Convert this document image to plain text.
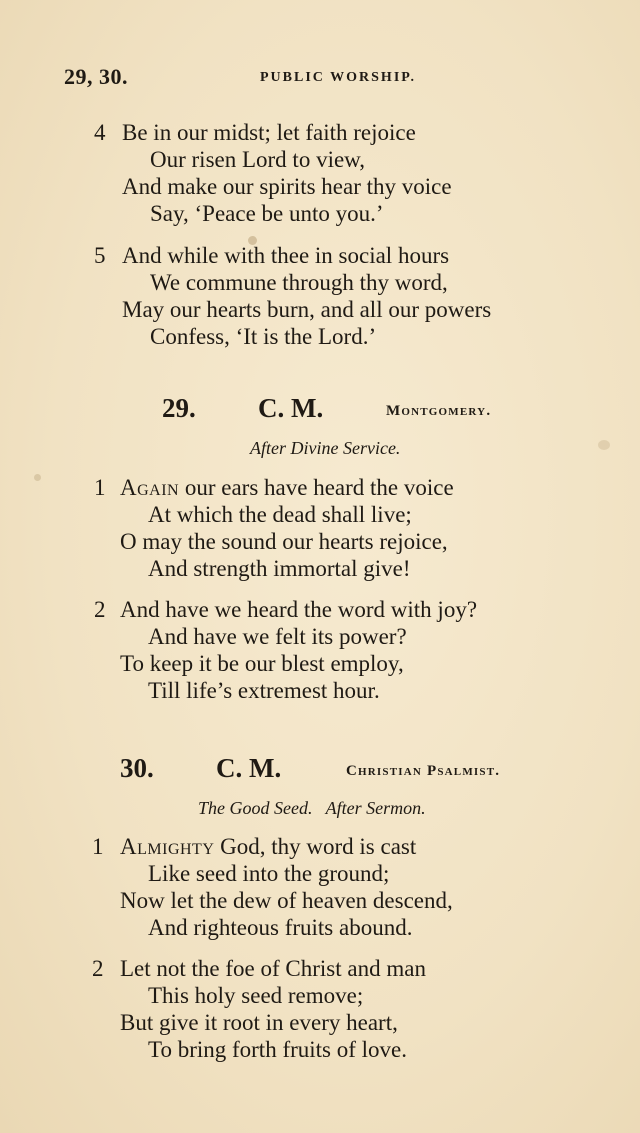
29, 30.	PUBLIC WORSHIP.
4 Be in our midst; let faith rejoice
Our risen Lord to view,
And make our spirits hear thy voice
Say, ‘Peace be unto you.’
5 And while with thee in social hours
We commune through thy word,
May our hearts burn, and all our powers
Confess, ‘It is the Lord.’
29. C. M.	Montgomery.
After Divine Service.
1 Again our ears have heard the voice
At which the dead shall live;
O may the sound our hearts rejoice,
And strength immortal give!
2 And have we heard the word with joy?
And have we felt its power?
To keep it be our blest employ,
Till life’s extremest hour.
30. C. M.	Christian Psalmist.
The Good Seed.   After Sermon.
1 Almighty God, thy word is cast
Like seed into the ground;
Now let the dew of heaven descend,
And righteous fruits abound.
2 Let not the foe of Christ and man
This holy seed remove;
But give it root in every heart,
To bring forth fruits of love.
